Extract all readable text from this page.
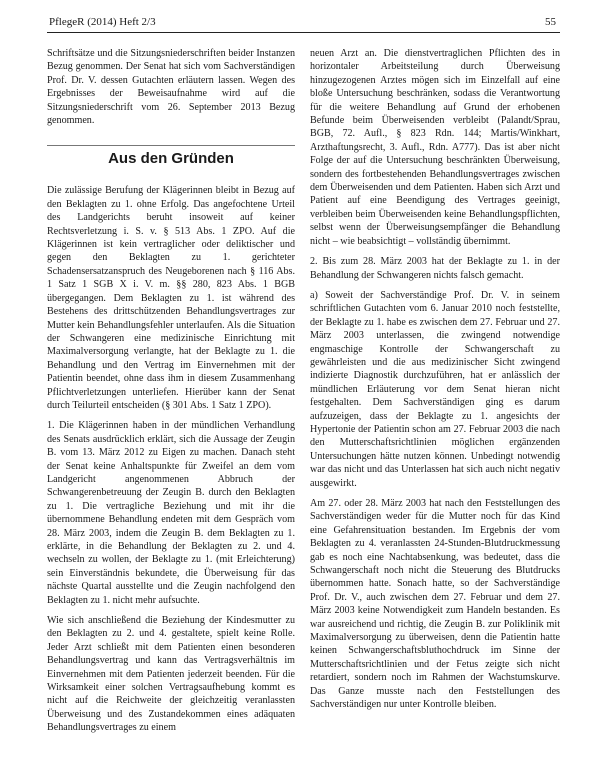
PflegeR (2014) Heft 2/3	55

Schriftsätze und die Sitzungsniederschriften beider Instanzen Bezug genommen. Der Senat hat sich vom Sachverständigen Prof. Dr. V. dessen Gutachten erläutern lassen. Wegen des Ergebnisses der Beweisaufnahme wird auf die Sitzungsniederschrift vom 26. September 2013 Bezug genommen.

Aus den Gründen

Die zulässige Berufung der Klägerinnen bleibt in Bezug auf den Beklagten zu 1. ohne Erfolg. Das angefochtene Urteil des Landgerichts beruht insoweit auf keiner Rechtsverletzung i. S. v. § 513 Abs. 1 ZPO. Auf die Klägerinnen ist kein vertraglicher oder deliktischer und gegen den Beklagten zu 1. gerichteter Schadensersatzanspruch des Neugeborenen nach § 116 Abs. 1 Satz 1 SGB X i. V. m. §§ 280, 823 Abs. 1 BGB übergegangen. Dem Beklagten zu 1. ist während des Bestehens des drittschützenden Behandlungsvertrages zur Mutter kein Behandlungsfehler unterlaufen. Als die Situation der Schwangeren eine medizinische Einrichtung mit Maximalversorgung verlangte, hat der Beklagte zu 1. die Behandlung und den Vertrag im Einvernehmen mit der Patientin beendet, ohne dass ihm in diesem Zusammenhang Pflichtverletzungen unterliefen. Hierüber kann der Senat durch Teilurteil entscheiden (§ 301 Abs. 1 Satz 1 ZPO).

1. Die Klägerinnen haben in der mündlichen Verhandlung des Senats ausdrücklich erklärt, sich die Aussage der Zeugin B. vom 13. März 2012 zu Eigen zu machen. Danach steht der Senat keine Anhaltspunkte für Zweifel an dem vom Landgericht angenommenen Abbruch der Schwangerenbetreuung der Zeugin B. durch den Beklagten zu 1. Die vertragliche Beziehung und mit ihr die übernommene Behandlung endeten mit dem Gespräch vom 28. März 2003, indem die Zeugin B. dem Beklagten zu 1. erklärte, in die Behandlung der Beklagten zu 2. und 4. wechseln zu wollen, der Beklagte zu 1. (mit Erleichterung) sein Einverständnis bekundete, die Überweisung für das nächste Quartal ausstellte und die Zeugin nachfolgend den Beklagten zu 1. nicht mehr aufsuchte.

Wie sich anschließend die Beziehung der Kindesmutter zu den Beklagten zu 2. und 4. gestaltete, spielt keine Rolle. Jeder Arzt schließt mit dem Patienten einen besonderen Behandlungsvertrag und kann das Vertragsverhältnis im Einvernehmen mit dem Patienten jederzeit beenden. Für die Wirksamkeit einer solchen Vertragsaufhebung kommt es nicht auf die Reichweite der gleichzeitig veranlassten Überweisung und des Zustandekommen eines adäquaten Behandlungsvertrages zu einem

neuen Arzt an. Die dienstvertraglichen Pflichten des in horizontaler Arbeitsteilung durch Überweisung hinzugezogenen Arztes mögen sich im Einzelfall auf eine bloße Untersuchung beschränken, sodass die Verantwortung für die weitere Behandlung auf Grund der erhobenen Befunde beim Überweisenden verbleibt (Palandt/Sprau, BGB, 72. Aufl., § 823 Rdn. 144; Martis/Winkhart, Arzthaftungsrecht, 3. Aufl., Rdn. A777). Das ist aber nicht Folge der auf die Untersuchung beschränkten Überweisung, sondern des fortbestehenden Behandlungsvertrages zwischen dem Überweisenden und dem Patienten. Haben sich Arzt und Patient auf eine Beendigung des Vertrages geeinigt, verbleiben beim Überweisenden keine Behandlungspflichten, selbst wenn der Überweisungsempfänger die Behandlung nicht – wie beabsichtigt – vollständig übernimmt.

2. Bis zum 28. März 2003 hat der Beklagte zu 1. in der Behandlung der Schwangeren nichts falsch gemacht.

a) Soweit der Sachverständige Prof. Dr. V. in seinem schriftlichen Gutachten vom 6. Januar 2010 noch feststellte, der Beklagte zu 1. habe es zwischen dem 27. Februar und 27. März 2003 unterlassen, die zwingend notwendige engmaschige Kontrolle der Schwangerschaft zu gewährleisten und die aus medizinischer Sicht zwingend indizierte Diagnostik durchzuführen, hat er anlässlich der mündlichen Erläuterung vor dem Senat hieran nicht festgehalten. Dem Sachverständigen ging es darum aufzuzeigen, dass der Beklagte zu 1. angesichts der Hypertonie der Patientin schon am 27. Februar 2003 die nach den Mutterschaftsrichtlinien möglichen ergänzenden Untersuchungen hätte nutzen können. Unbedingt notwendig war das nicht und das Unterlassen hat sich auch nicht negativ ausgewirkt.

Am 27. oder 28. März 2003 hat nach den Feststellungen des Sachverständigen weder für die Mutter noch für das Kind eine Gefahrensituation bestanden. Im Ergebnis der vom Beklagten zu 4. veranlassten 24-Stunden-Blutdruckmessung gab es noch eine Nachtabsenkung, was bedeutet, dass die Schwangerschaft noch nicht die Steuerung des Blutdrucks übernommen hatte. Sonach hatte, so der Sachverständige Prof. Dr. V., auch zwischen dem 27. Februar und dem 27. März 2003 keine Notwendigkeit zum Handeln bestanden. Es war ausreichend und richtig, die Zeugin B. zur Poliklinik mit Maximalversorgung zu überweisen, denn die Patientin hatte keinen Schwangerschaftsbluthochdruck im Sinne der Mutterschaftsrichtlinien und der Fetus zeigte sich nicht retardiert, sondern noch im Rahmen der Wachstumskurve. Das Ganze musste nach den Feststellungen des Sachverständigen nur unter Kontrolle bleiben.
